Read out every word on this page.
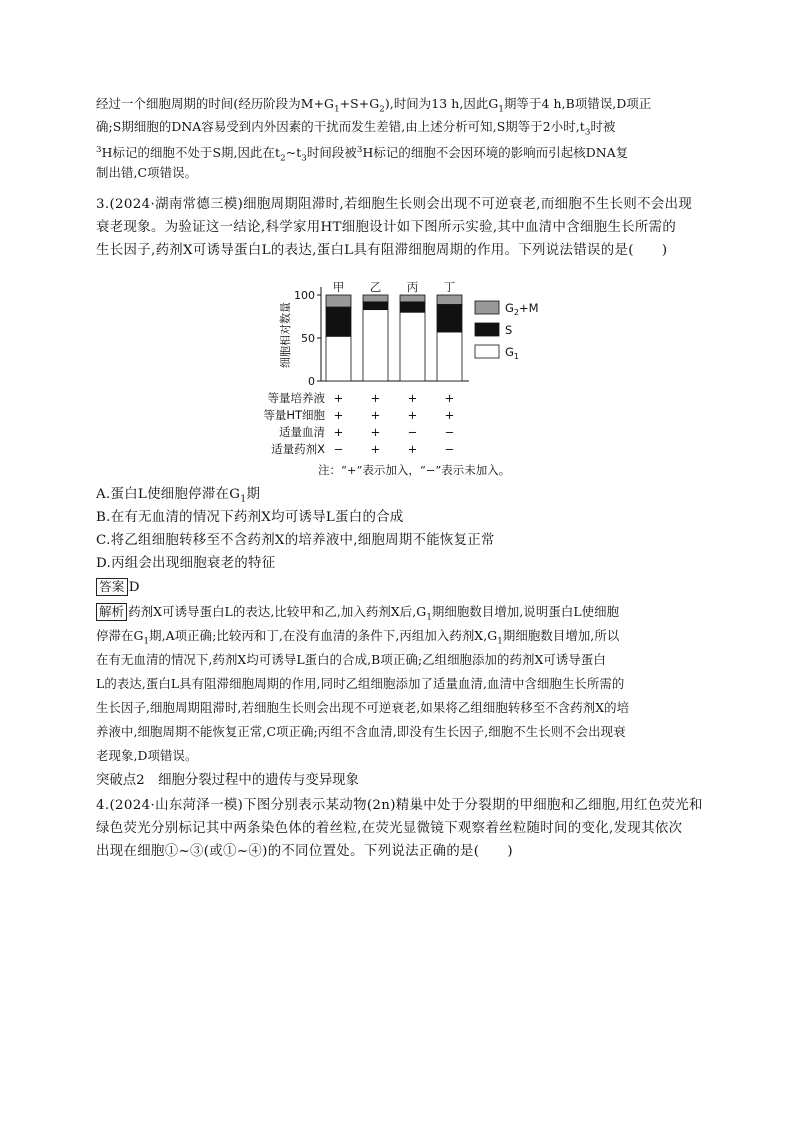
经过一个细胞周期的时间(经历阶段为$M+G_1+S+G_2$),时间为13 h,因此$G_1$期等于4 h,B项错误,D项正
确;S期细胞的DNA容易受到内外因素的干扰而发生差错,由上述分析可知,S期等于2小时$,t_3$时被
$^3$H标记的细胞不处于S期,因此在$t_2\sim t_3$时间段被$^3$H标记的细胞不会因环境的影响而引起核DNA复
制出错,C项错误。
3.(2024·湖南常德三模)细胞周期阻滞时,若细胞生长则会出现不可逆衰老,而细胞不生长则不会出现
衰老现象。为验证这一结论,科学家用HT细胞设计如下图所示实验,其中血清中含细胞生长所需的
生长因子,药剂X可诱导蛋白L的表达,蛋白L具有阻滞细胞周期的作用。下列说法错误的是( )
细胞相对数量
0
50
100
甲 乙 丙 丁
$G_2+M$
S
$G_1$
等量培养液 + + + +
等量HT细胞 + + + +
适量血清 + + − −
适量药剂X − + + −
注：“+”表示加入，“−”表示未加入。
A.蛋白L使细胞停滞在$G_1$期
B.在有无血清的情况下药剂X均可诱导L蛋白的合成
C.将乙组细胞转移至不含药剂X的培养液中,细胞周期不能恢复正常
D.丙组会出现细胞衰老的特征
答案 D
解析 药剂X可诱导蛋白L的表达,比较甲和乙,加入药剂X后$,G_1$期细胞数目增加,说明蛋白L使细胞
停滞在$G_1$期,A项正确;比较丙和丁,在没有血清的条件下,丙组加入药剂$X,G_1$期细胞数目增加,所以
在有无血清的情况下,药剂X均可诱导L蛋白的合成,B项正确;乙组细胞添加的药剂X可诱导蛋白
L的表达,蛋白L具有阻滞细胞周期的作用,同时乙组细胞添加了适量血清,血清中含细胞生长所需的
生长因子,细胞周期阻滞时,若细胞生长则会出现不可逆衰老,如果将乙组细胞转移至不含药剂X的培
养液中,细胞周期不能恢复正常,C项正确;丙组不含血清,即没有生长因子,细胞不生长则不会出现衰
老现象,D项错误。
突破点2　细胞分裂过程中的遗传与变异现象
4.(2024·山东菏泽一模)下图分别表示某动物(2n)精巢中处于分裂期的甲细胞和乙细胞,用红色荧光和
绿色荧光分别标记其中两条染色体的着丝粒,在荧光显微镜下观察着丝粒随时间的变化,发现其依次
出现在细胞①~③(或①~④)的不同位置处。下列说法正确的是( )
